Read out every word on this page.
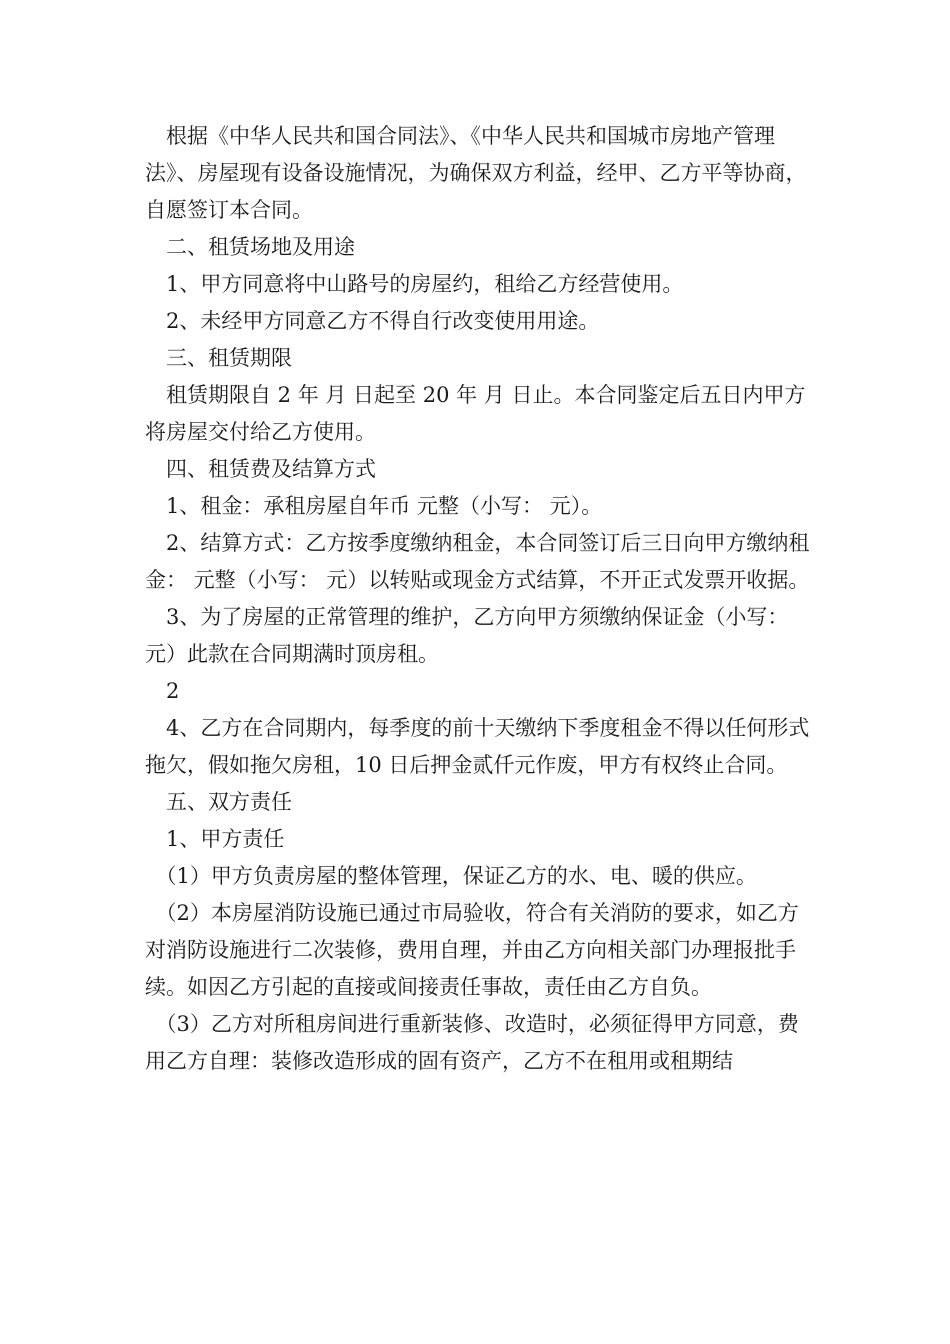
　根据《中华人民共和国合同法》、《中华人民共和国城市房地产管理法》、房屋现有设备设施情况，为确保双方利益，经甲、乙方平等协商，自愿签订本合同。

　二、租赁场地及用途

　1、甲方同意将中山路号的房屋约，租给乙方经营使用。

　2、未经甲方同意乙方不得自行改变使用用途。

　三、租赁期限

　租赁期限自 2 年 月 日起至 20 年 月 日止。本合同鉴定后五日内甲方将房屋交付给乙方使用。

　四、租赁费及结算方式

　1、租金：承租房屋自年币 元整（小写： 元）。

　2、结算方式：乙方按季度缴纳租金，本合同签订后三日向甲方缴纳租金： 元整（小写： 元）以转贴或现金方式结算，不开正式发票开收据。

　3、为了房屋的正常管理的维护，乙方向甲方须缴纳保证金（小写： 元）此款在合同期满时顶房租。

　2

　4、乙方在合同期内，每季度的前十天缴纳下季度租金不得以任何形式拖欠，假如拖欠房租，10 日后押金贰仟元作废，甲方有权终止合同。

　五、双方责任

　1、甲方责任

　（1）甲方负责房屋的整体管理，保证乙方的水、电、暖的供应。

　（2）本房屋消防设施已通过市局验收，符合有关消防的要求，如乙方对消防设施进行二次装修，费用自理，并由乙方向相关部门办理报批手续。如因乙方引起的直接或间接责任事故，责任由乙方自负。

　（3）乙方对所租房间进行重新装修、改造时，必须征得甲方同意，费用乙方自理：装修改造形成的固有资产，乙方不在租用或租期结
